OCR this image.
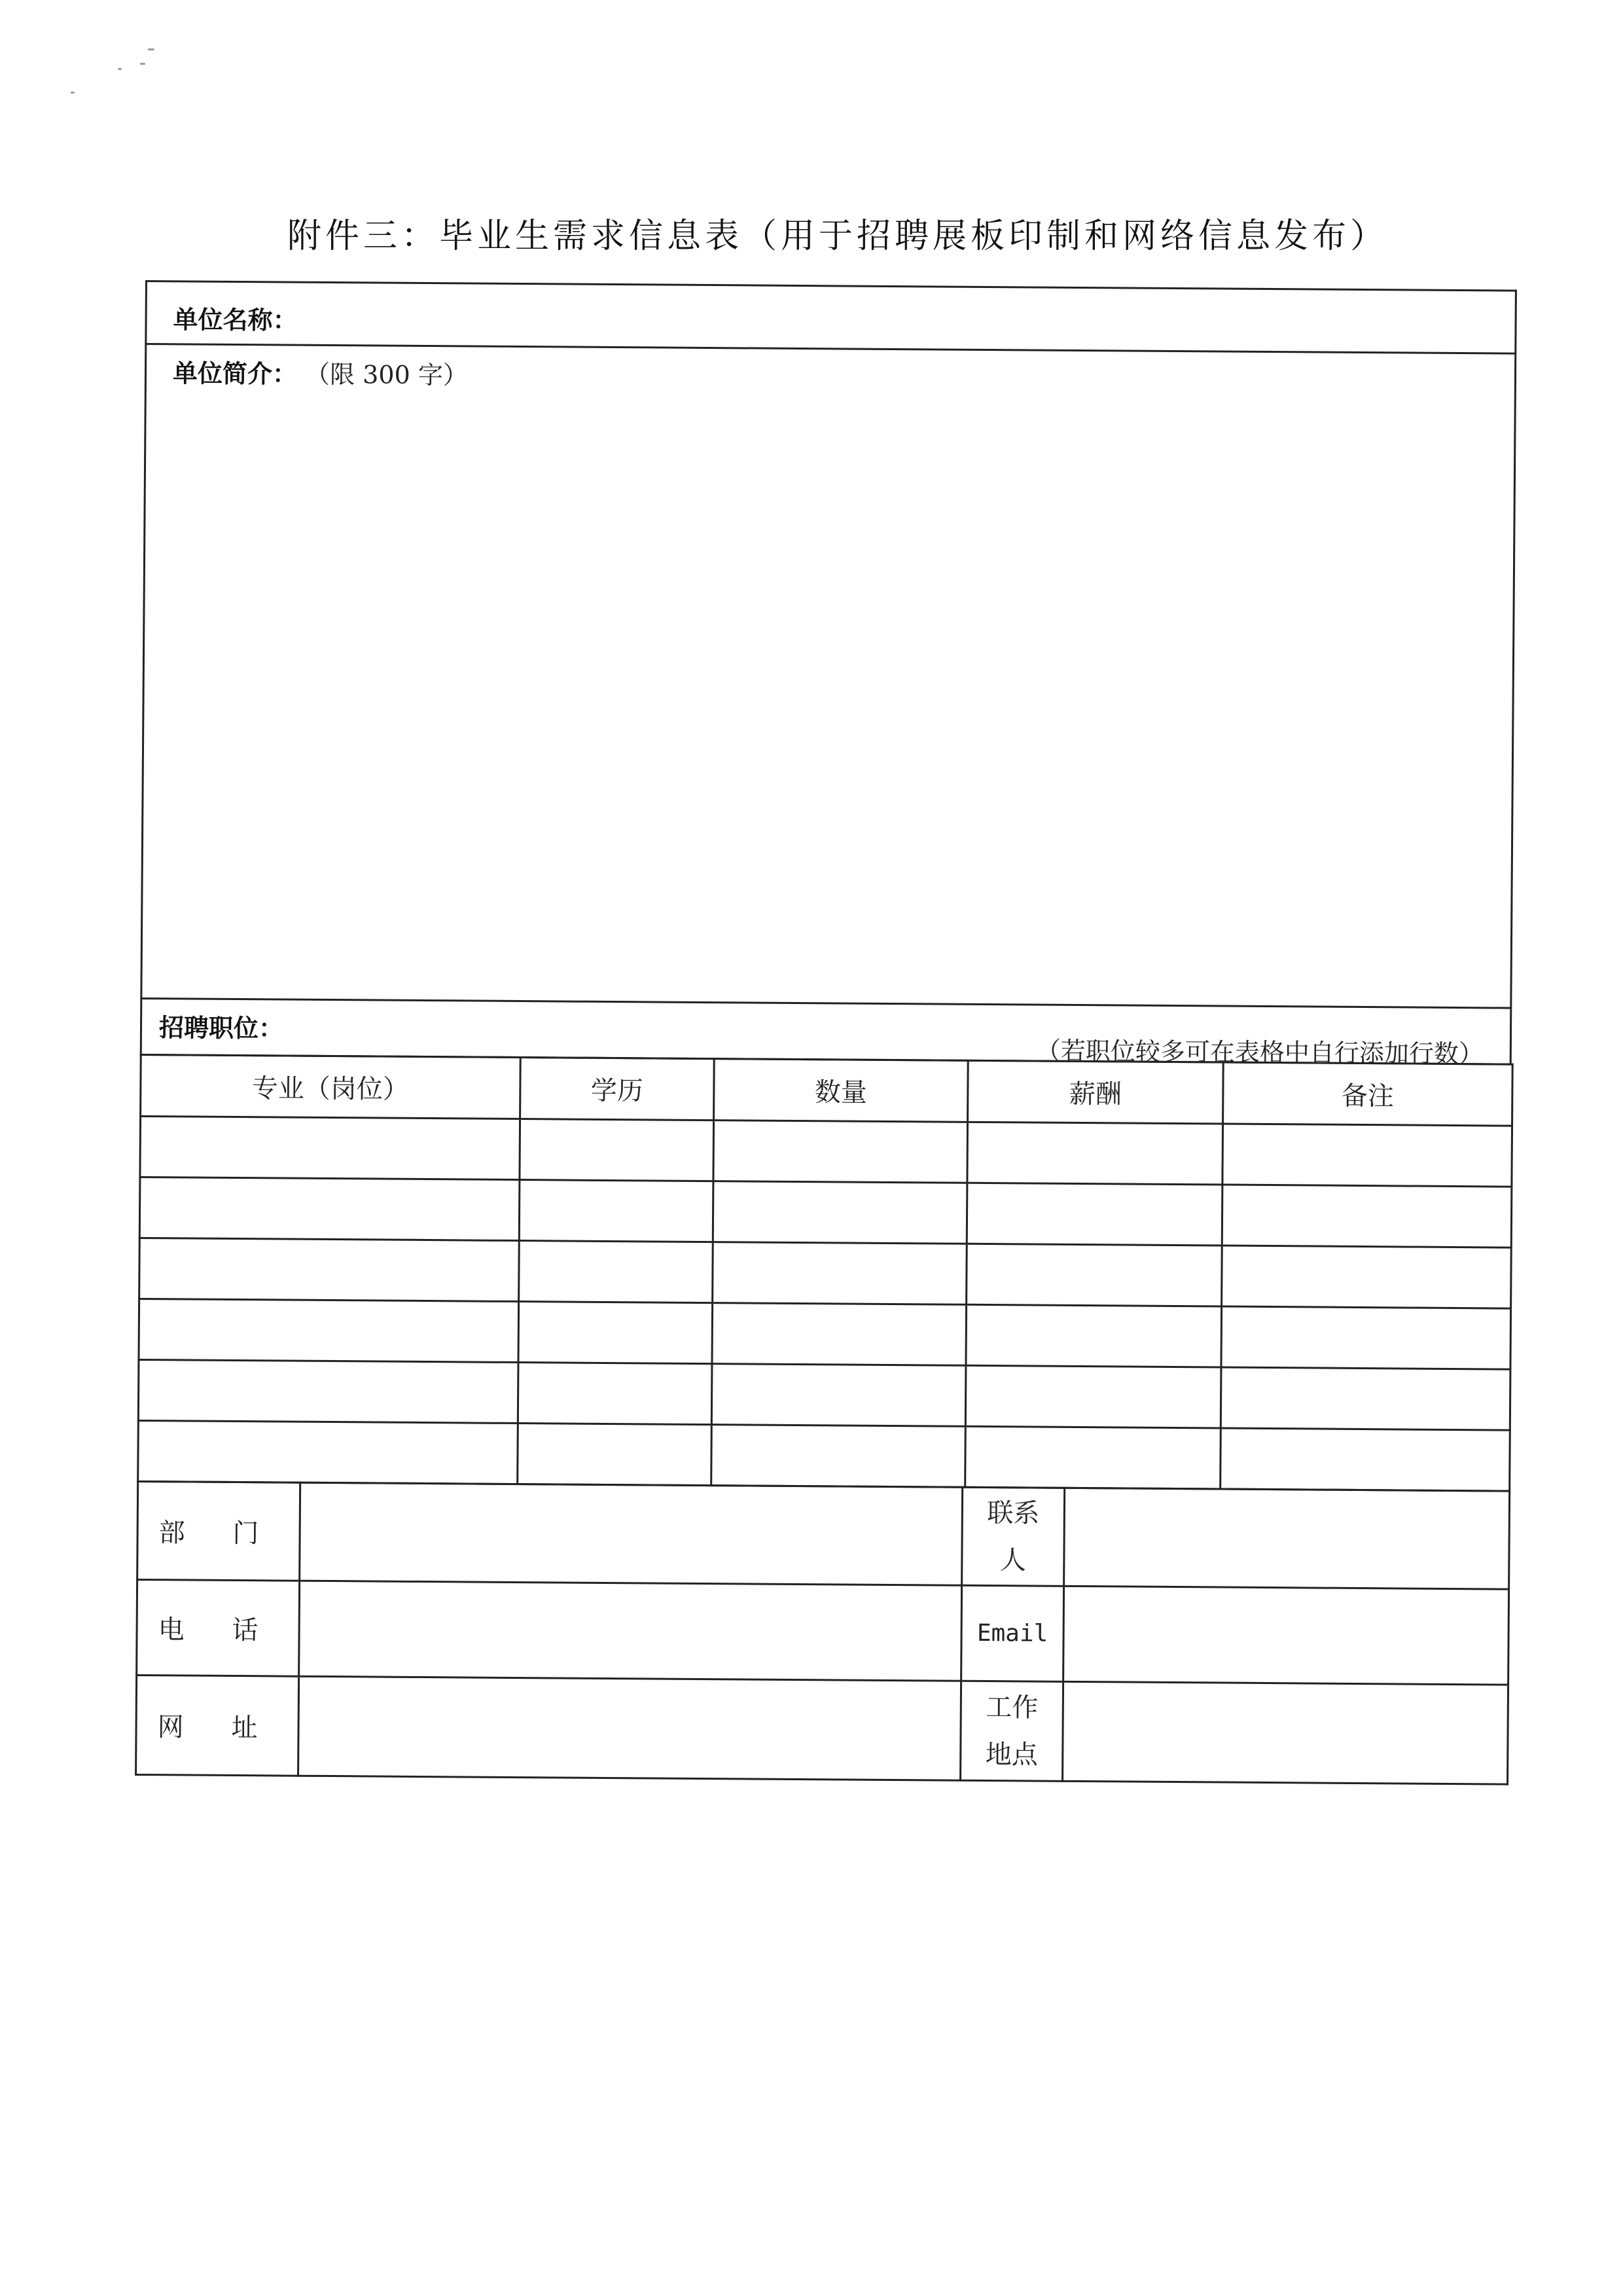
附件三：毕业生需求信息表（用于招聘展板印制和网络信息发布）
单位名称：

单位简介： （限 300 字）

招聘职位：
（若职位较多可在表格中自行添加行数）
专业（岗位）	学历	数量	薪酬	备注

部 门		联系
人	

电 话		Email	
网 址		工作
地点	
